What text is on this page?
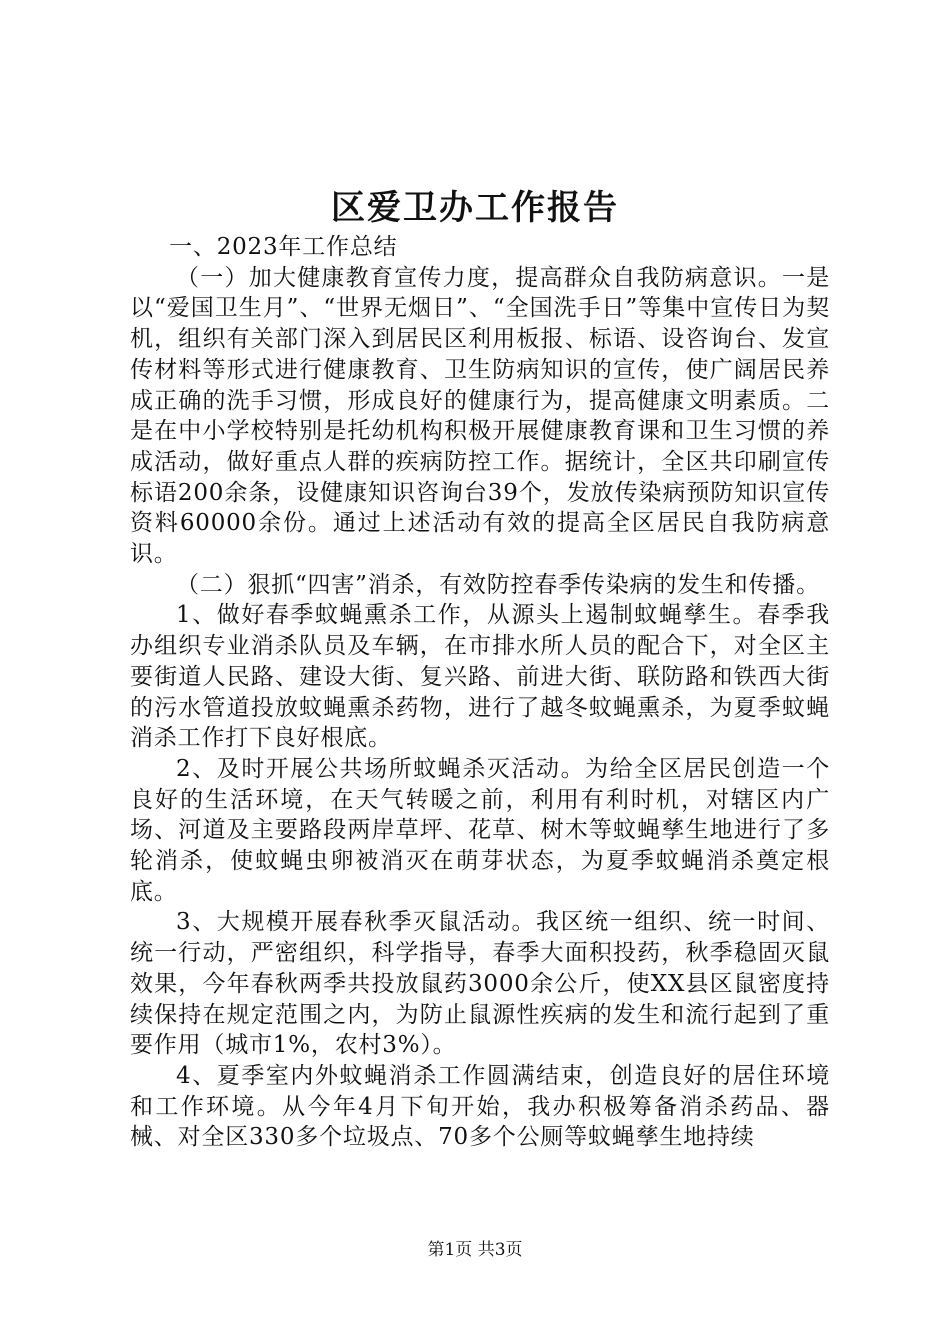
区爱卫办工作报告

一、2023年工作总结

（一）加大健康教育宣传力度，提高群众自我防病意识。一是以“爱国卫生月”、“世界无烟日”、“全国洗手日”等集中宣传日为契机，组织有关部门深入到居民区利用板报、标语、设咨询台、发宣传材料等形式进行健康教育、卫生防病知识的宣传，使广阔居民养成正确的洗手习惯，形成良好的健康行为，提高健康文明素质。二是在中小学校特别是托幼机构积极开展健康教育课和卫生习惯的养成活动，做好重点人群的疾病防控工作。据统计，全区共印刷宣传标语200余条，设健康知识咨询台39个，发放传染病预防知识宣传资料60000余份。通过上述活动有效的提高全区居民自我防病意识。

（二）狠抓“四害”消杀，有效防控春季传染病的发生和传播。

1、做好春季蚊蝇熏杀工作，从源头上遏制蚊蝇孳生。春季我办组织专业消杀队员及车辆，在市排水所人员的配合下，对全区主要街道人民路、建设大街、复兴路、前进大街、联防路和铁西大街的污水管道投放蚊蝇熏杀药物，进行了越冬蚊蝇熏杀，为夏季蚊蝇消杀工作打下良好根底。

2、及时开展公共场所蚊蝇杀灭活动。为给全区居民创造一个良好的生活环境，在天气转暖之前，利用有利时机，对辖区内广场、河道及主要路段两岸草坪、花草、树木等蚊蝇孳生地进行了多轮消杀，使蚊蝇虫卵被消灭在萌芽状态，为夏季蚊蝇消杀奠定根底。

3、大规模开展春秋季灭鼠活动。我区统一组织、统一时间、统一行动，严密组织，科学指导，春季大面积投药，秋季稳固灭鼠效果，今年春秋两季共投放鼠药3000余公斤，使XX县区鼠密度持续保持在规定范围之内，为防止鼠源性疾病的发生和流行起到了重要作用（城市1%，农村3%）。

4、夏季室内外蚊蝇消杀工作圆满结束，创造良好的居住环境和工作环境。从今年4月下旬开始，我办积极筹备消杀药品、器械、对全区330多个垃圾点、70多个公厕等蚊蝇孳生地持续

第1页 共3页
